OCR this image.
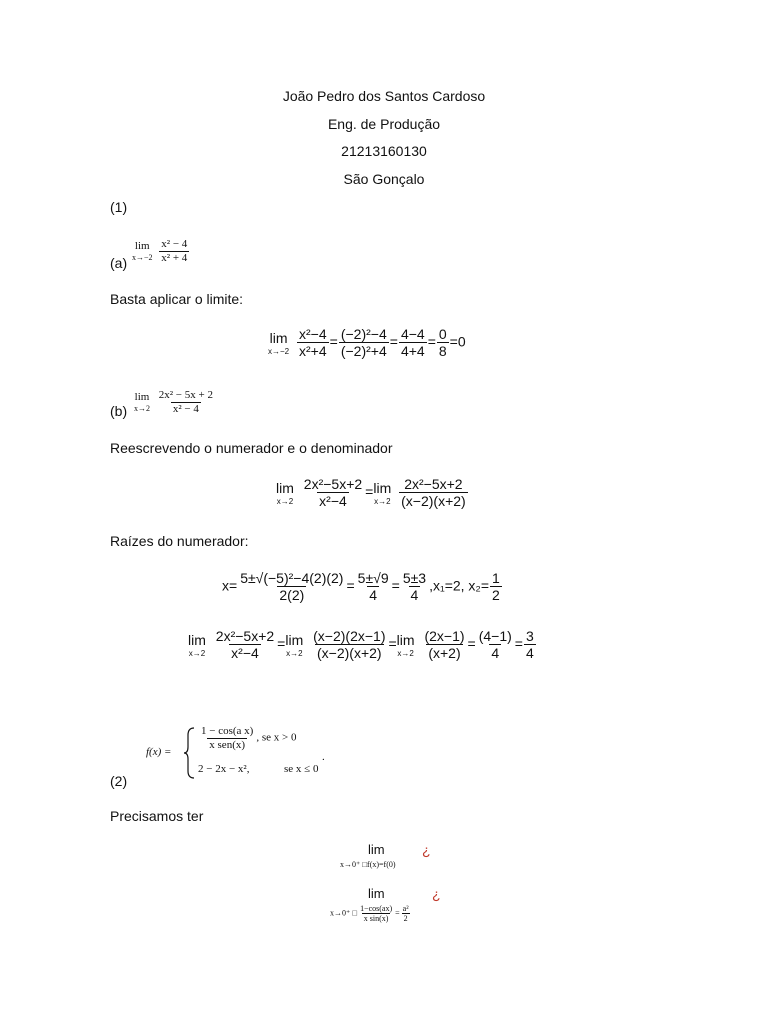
João Pedro dos Santos Cardoso
Eng. de Produção
21213160130
São Gonçalo
(1)
(a)
lim
x→−2
$\frac{\text{x² − 4}}{\text{x² + 4}}$
Basta aplicar o limite:
lim
x→−2
$\frac{\text{x²−4}}{\text{x²+4}} = \frac{\text{(−2)²−4}}{\text{(−2)²+4}} = \frac{4-4}{4+4} = \frac{0}{8} =0$
(b)
lim
x→2
$\frac{\text{2x² − 5x + 2}}{\text{x² − 4}}$
Reescrevendo o numerador e o denominador
lim
x→2
$\frac{\text{2x²−5x+2}}{\text{x²−4}} = \lim$
x→2
$\frac{\text{2x²−5x+2}}{(x-2)(x+2)}$
Raízes do numerador:
$x= \frac{\text{5±√(−5)²−4(2)(2)}}{2(2)} = \frac{5\pm√9}{4} = \frac{5\pm 3}{4} ,x_1=2$, $x_2= \frac{1}{2}$
lim
x→2
$\frac{\text{2x²−5x+2}}{\text{x²−4}} = \lim$
x→2
$\frac{(x-2)(2x-1)}{(x-2)(x+2)} = \lim$
x→2
$\frac{(2x-1)}{(x+2)} = \frac{(4-1)}{4} = \frac{3}{4}$
f(x) =
$\frac{\text{1 − cos(a x)}}{\text{x sen(x)}}$ , se x > 0
2 − 2x − x²,	se x ≤ 0
.
(2)
Precisamos ter
lim
x→0⁺ □f(x)=f(0)
¿
lim
x→0⁺ □ $\frac{1-\cos(ax)}{\text{x sin(x)}} = \frac{\text{a²}}{2}$
¿
